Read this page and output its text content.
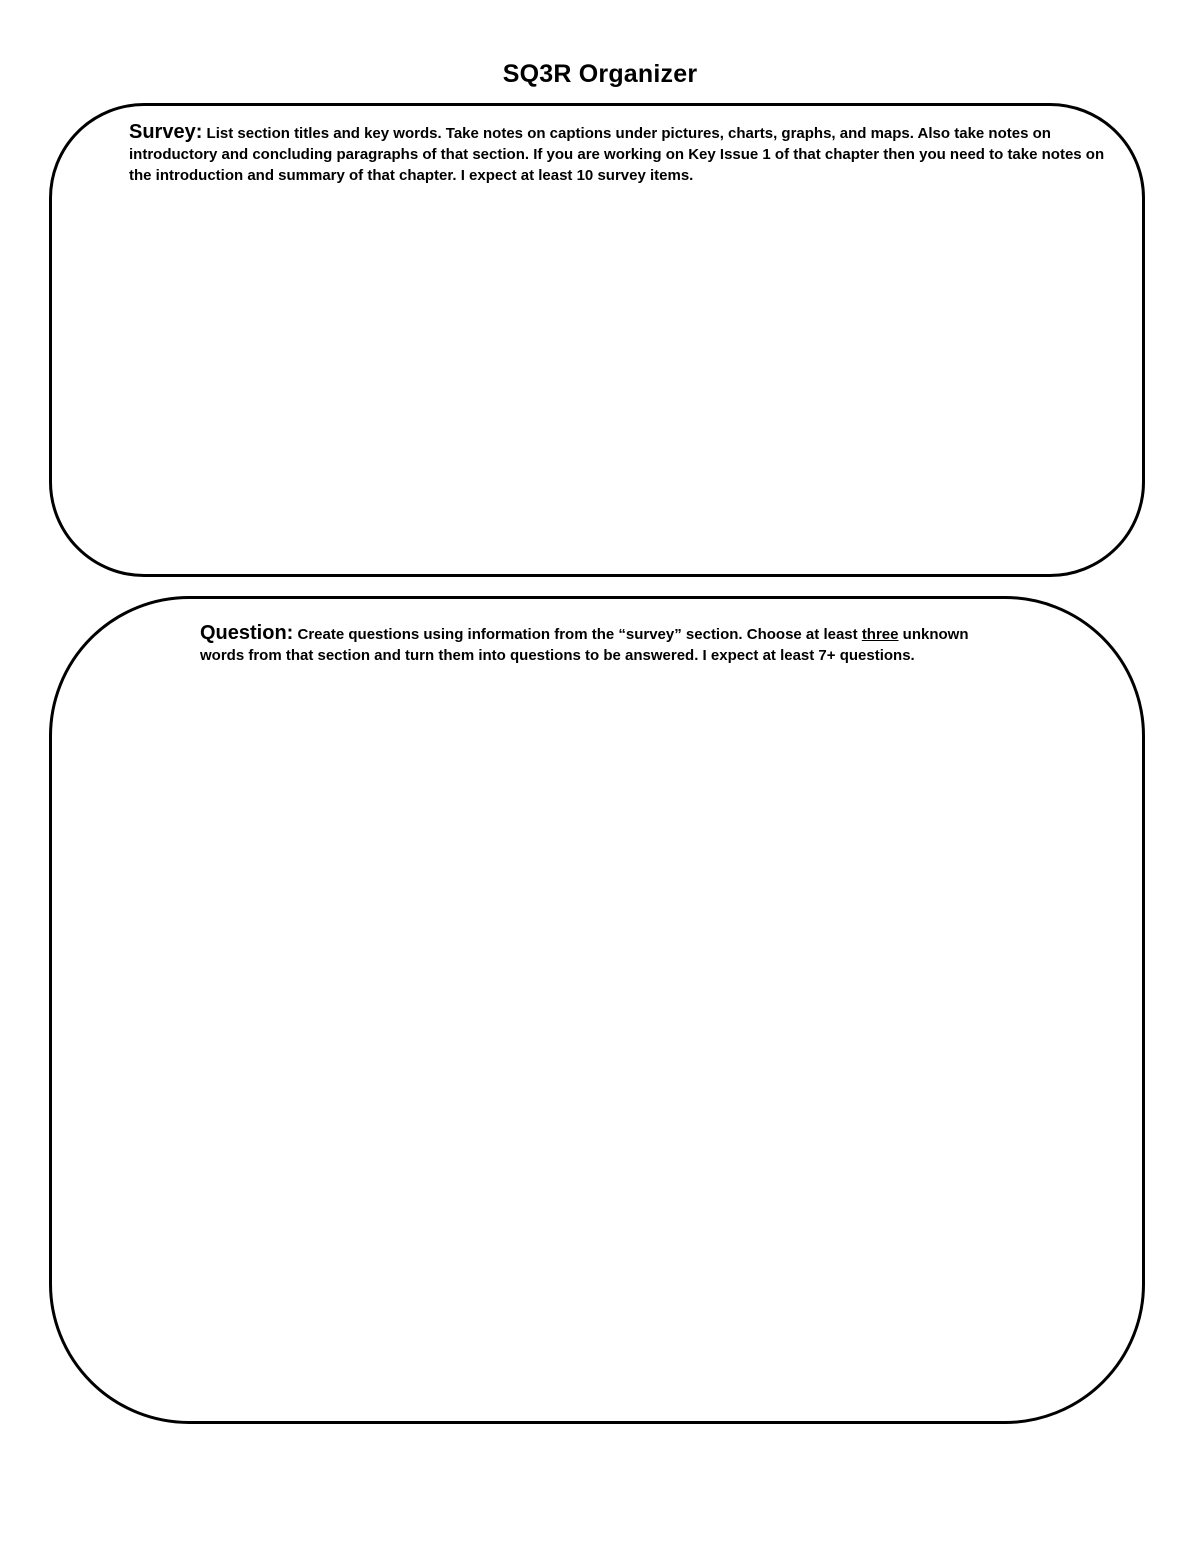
SQ3R Organizer
Survey: List section titles and key words. Take notes on captions under pictures, charts, graphs, and maps. Also take notes on introductory and concluding paragraphs of that section. If you are working on Key Issue 1 of that chapter then you need to take notes on the introduction and summary of that chapter. I expect at least 10 survey items.
Question: Create questions using information from the “survey” section. Choose at least three unknown words from that section and turn them into questions to be answered. I expect at least 7+ questions.
